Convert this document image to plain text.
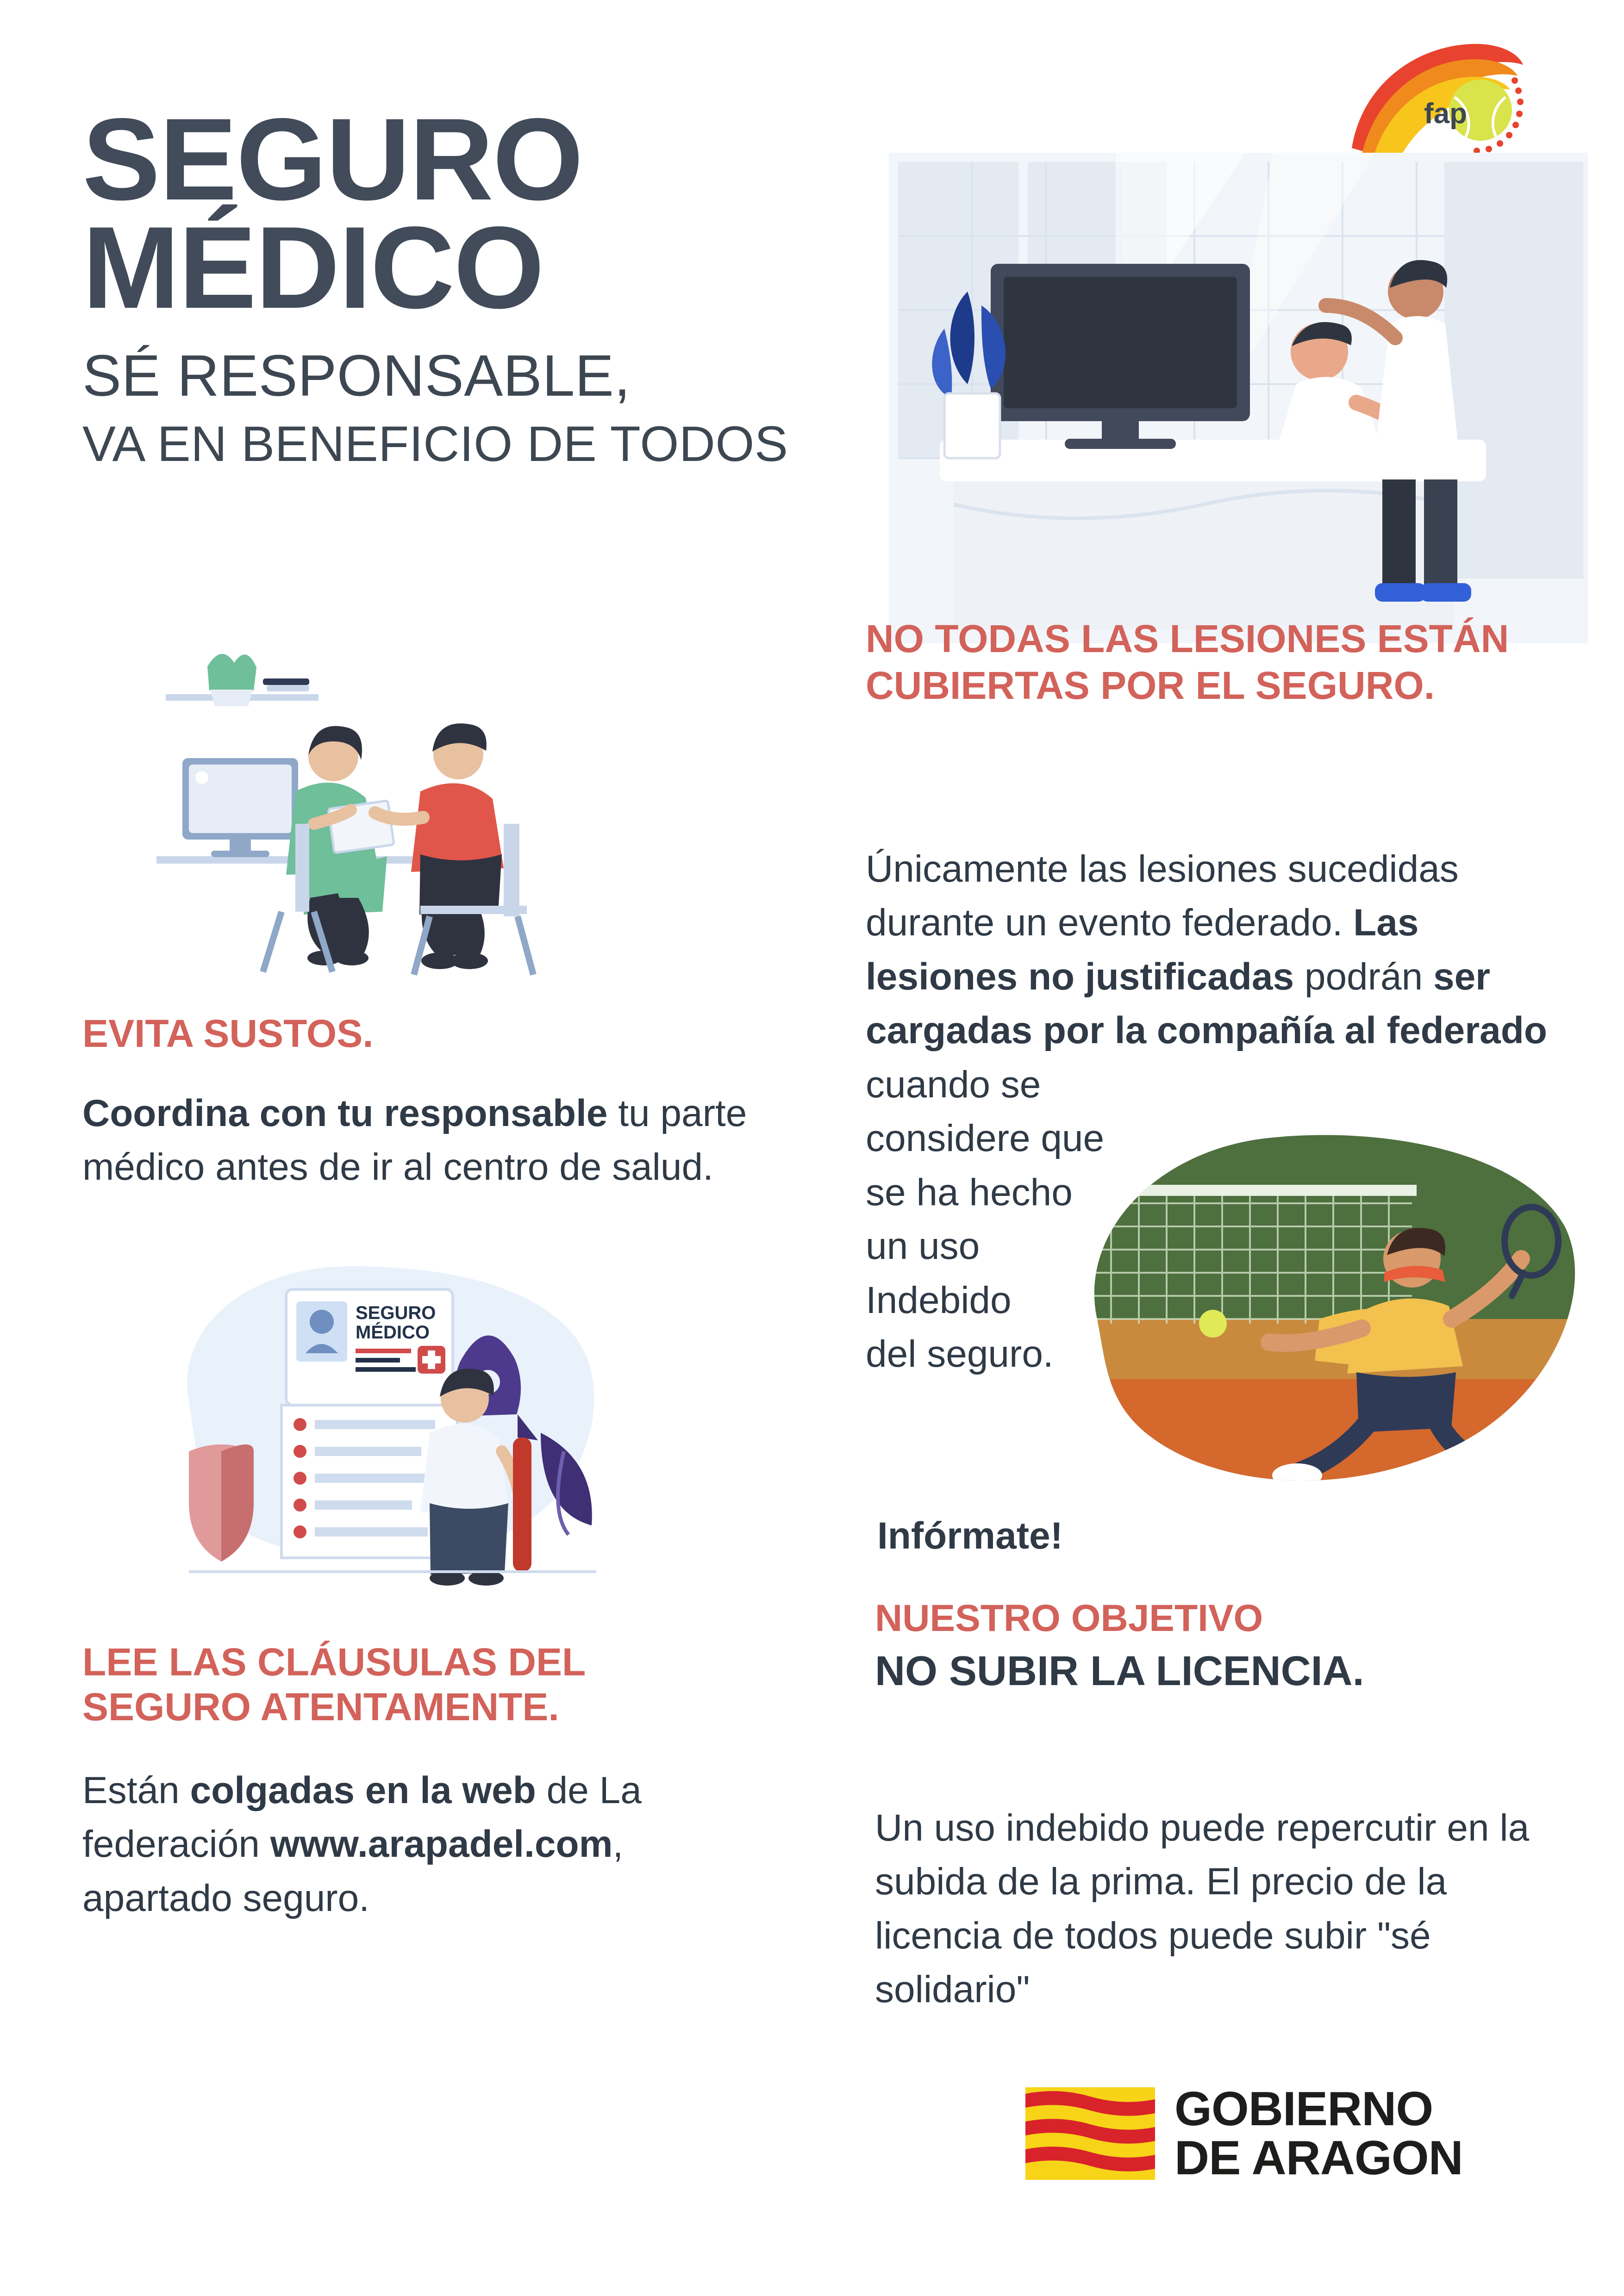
SEGURO
MÉDICO

SÉ RESPONSABLE,

VA EN BENEFICIO DE TODOS

fap

NO TODAS LAS LESIONES ESTÁN CUBIERTAS POR EL SEGURO.

Únicamente las lesiones sucedidas durante un evento federado. Las lesiones no justificadas podrán ser cargadas por la compañía al federado cuando se
considere que
se ha hecho
un uso
Indebido
del seguro.

Infórmate!

NUESTRO OBJETIVO

NO SUBIR LA LICENCIA.

Un uso indebido puede repercutir en la subida de la prima. El precio de la licencia de todos puede subir "sé solidario"

EVITA SUSTOS.

Coordina con tu responsable tu parte médico antes de ir al centro de salud.

SEGURO
MÉDICO

LEE LAS CLÁUSULAS DEL
SEGURO ATENTAMENTE.

Están colgadas en la web de La federación www.arapadel.com, apartado seguro.

GOBIERNO
DE ARAGON
